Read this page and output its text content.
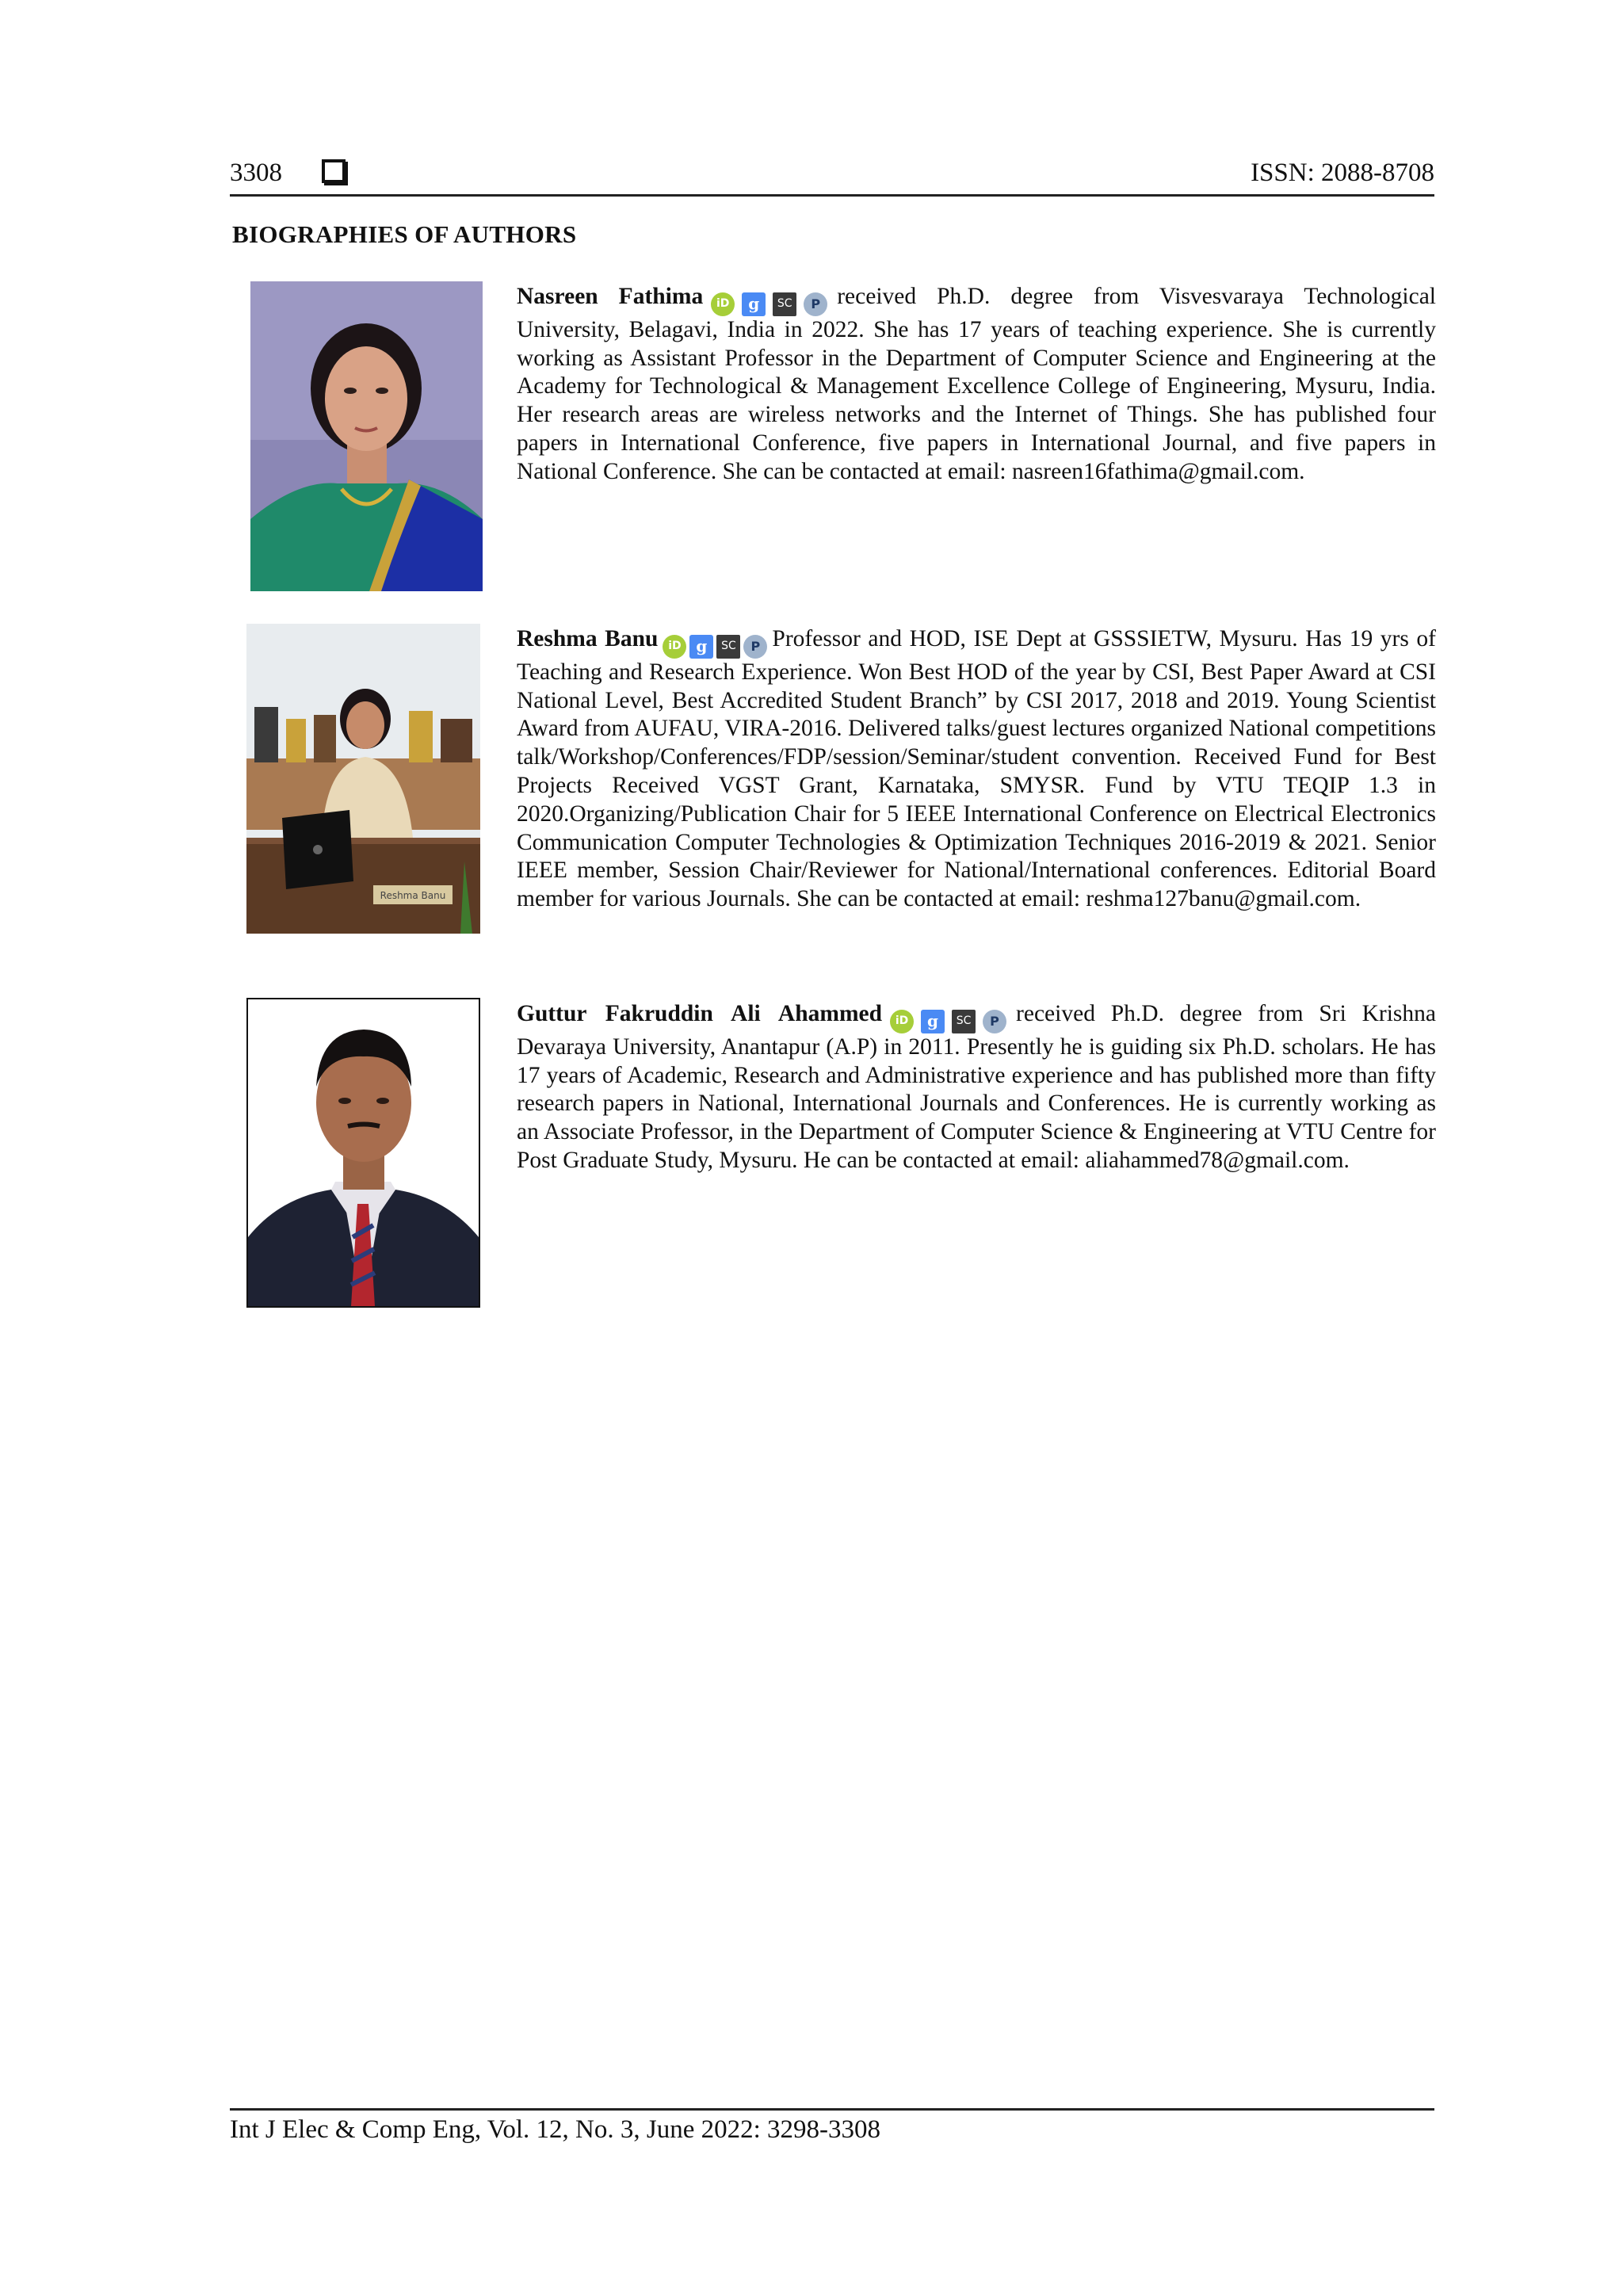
3308	ISSN: 2088-8708
BIOGRAPHIES OF AUTHORS
Nasreen Fathima	iD	g	SC	P received Ph.D. degree from Visvesvaraya Technological University, Belagavi, India in 2022. She has 17 years of teaching experience. She is currently working as Assistant Professor in the Department of Computer Science and Engineering at the Academy for Technological & Management Excellence College of Engineering, Mysuru, India. Her research areas are wireless networks and the Internet of Things. She has published four papers in International Conference, five papers in International Journal, and five papers in National Conference. She can be contacted at email: nasreen16fathima@gmail.com.
Reshma Banu
Reshma Banu iD g	SC	P Professor and HOD, ISE Dept at GSSSIETW, Mysuru. Has 19 yrs of Teaching and Research Experience. Won Best HOD of the year by CSI, Best Paper Award at CSI National Level, Best Accredited Student Branch” by CSI 2017, 2018 and 2019. Young Scientist Award from AUFAU, VIRA-2016. Delivered talks/guest lectures organized National competitions talk/Workshop/Conferences/FDP/session/Seminar/student convention. Received Fund for Best Projects Received VGST Grant, Karnataka, SMYSR. Fund by VTU TEQIP 1.3 in 2020.Organizing/Publication Chair for 5 IEEE International Conference on Electrical Electronics Communication Computer Technologies & Optimization Techniques 2016-2019 & 2021. Senior IEEE member, Session Chair/Reviewer for National/International conferences. Editorial Board member for various Journals. She can be contacted at email: reshma127banu@gmail.com.
Guttur Fakruddin Ali Ahammed	iD	g	SC	P received Ph.D. degree from Sri Krishna Devaraya University, Anantapur (A.P) in 2011. Presently he is guiding six Ph.D. scholars. He has 17 years of Academic, Research and Administrative experience and has published more than fifty research papers in National, International Journals and Conferences. He is currently working as an Associate Professor, in the Department of Computer Science & Engineering at VTU Centre for Post Graduate Study, Mysuru. He can be contacted at email: aliahammed78@gmail.com.
Int J Elec & Comp Eng, Vol. 12, No. 3, June 2022: 3298-3308
